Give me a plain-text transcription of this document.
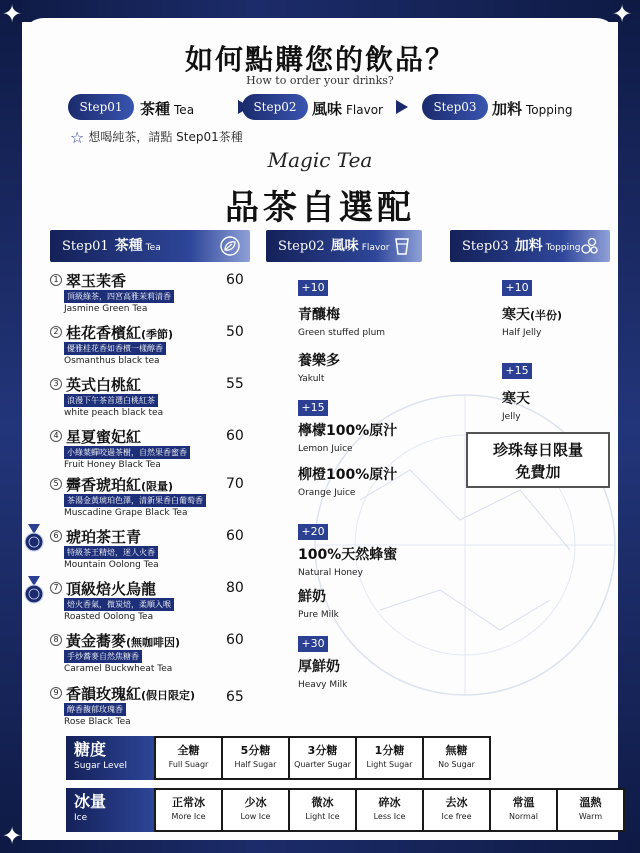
✦	✦
✦
如何點購您的飲品？
How to order your drinks?
Step01	茶種 Tea	Step02	風味 Flavor	Step03	加料 Topping
☆ 想喝純茶，請點 Step01茶種
Magic Tea
品茶自選配
Step01 茶種 Tea	Step02 風味 Flavor	Step03 加料 Topping
1 翠玉茉香	60
頂級綠茶，四宮高雅茉莉清香
Jasmine Green Tea
2 桂花香檳紅(季節)	50
優雅桂花香如香檳一樣醇香
Osmanthus black tea
3 英式白桃紅	55
浪漫下午茶首選白桃紅茶
white peach black tea
4 星夏蜜妃紅	60
小綠葉蟬咬過茶樹，自然果香蜜香
Fruit Honey Black Tea
5 霽香琥珀紅(限量)	70
茶湯金黃琥珀色澤，清新果香白葡萄香
Muscadine Grape Black Tea
6 琥珀茶王青	60
特級茶王精焙，迷人火香
Mountain Oolong Tea
7 頂級焙火烏龍	80
焙火香氣，微炭焙，柔順入喉
Roasted Oolong Tea
8 黃金蕎麥(無咖啡因)	60
手炒蕎麥自然焦糖香
Caramel Buckwheat Tea
9 香韻玫瑰紅(假日限定) 65
醇香馥郁玫瑰香
Rose Black Tea
+10
青釀梅
Green stuffed plum
養樂多
Yakult
+15
檸檬100%原汁
Lemon Juice
柳橙100%原汁
Orange Juice
+20
100%天然蜂蜜
Natural Honey
鮮奶
Pure Milk
+30
厚鮮奶
Heavy Milk
+10
寒天(半份)
Half Jelly
+15
寒天
Jelly
珍珠每日限量
免費加
糖度
Sugar Level
全糖
Full Suagr
5分糖
Half Sugar
3分糖
Quarter Sugar
1分糖
Light Sugar
無糖
No Sugar
冰量
Ice
正常冰
More Ice
少冰
Low Ice
微冰
Light Ice
碎冰
Less Ice
去冰
Ice free
常溫
Normal
溫熱
Warm
